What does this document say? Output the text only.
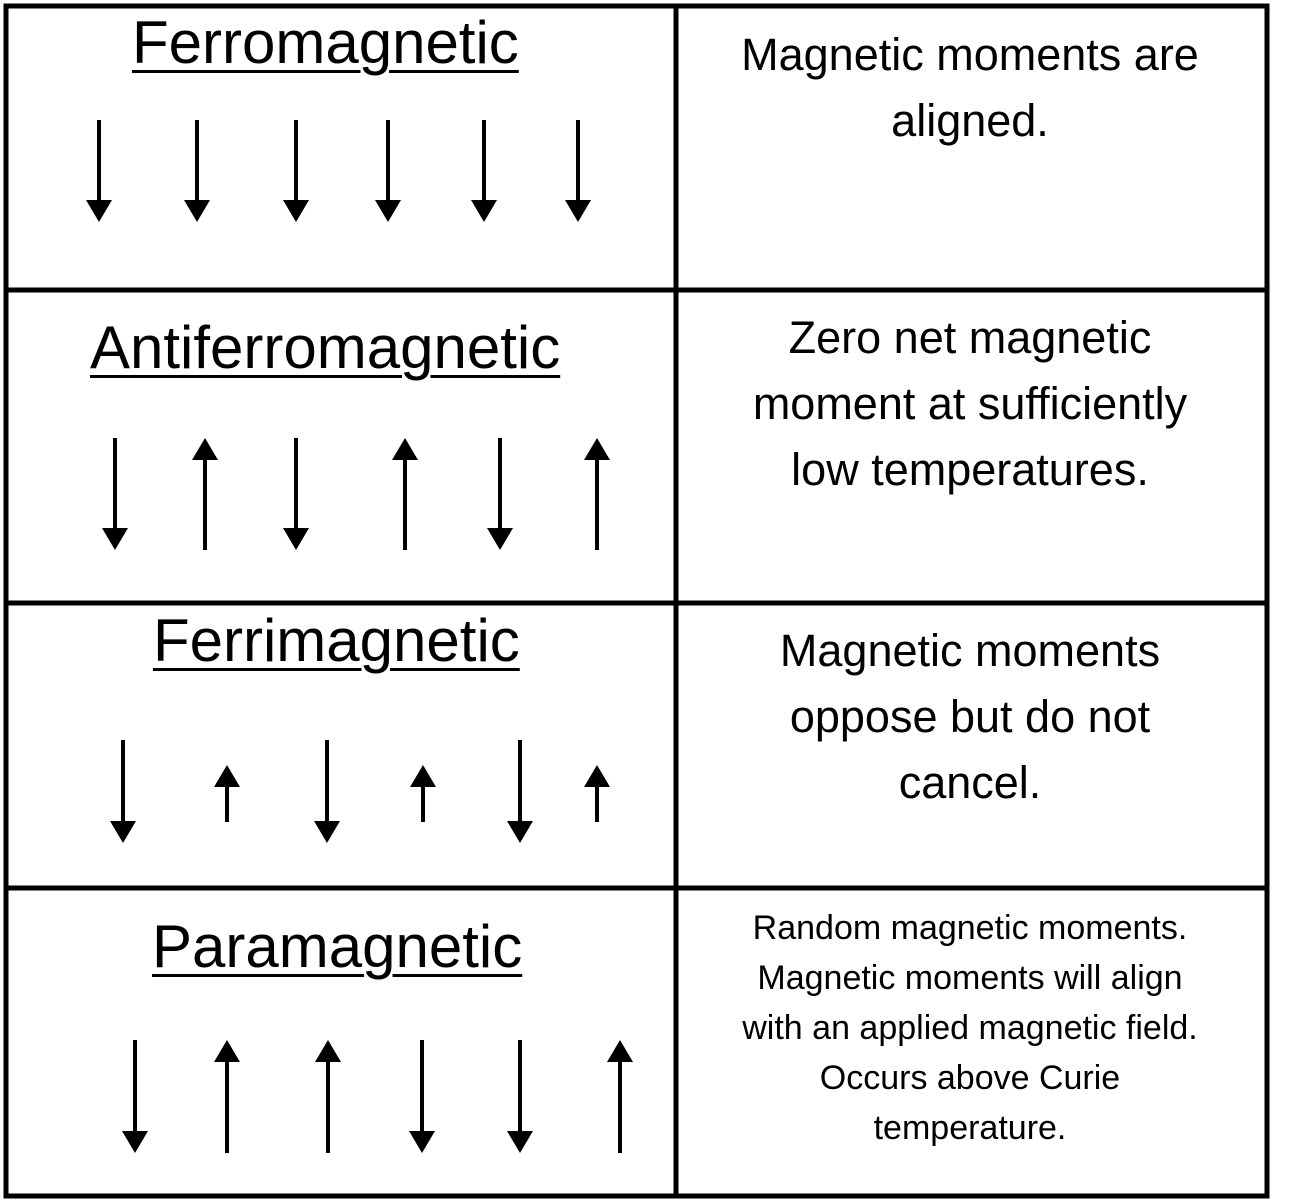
Ferromagnetic	Magnetic moments are
aligned.
Antiferromagnetic	Zero net magnetic
moment at sufficiently
low temperatures.
Ferrimagnetic	Magnetic moments
oppose but do not
cancel.
Paramagnetic	Random magnetic moments.
Magnetic moments will align
with an applied magnetic field.
Occurs above Curie
temperature.
